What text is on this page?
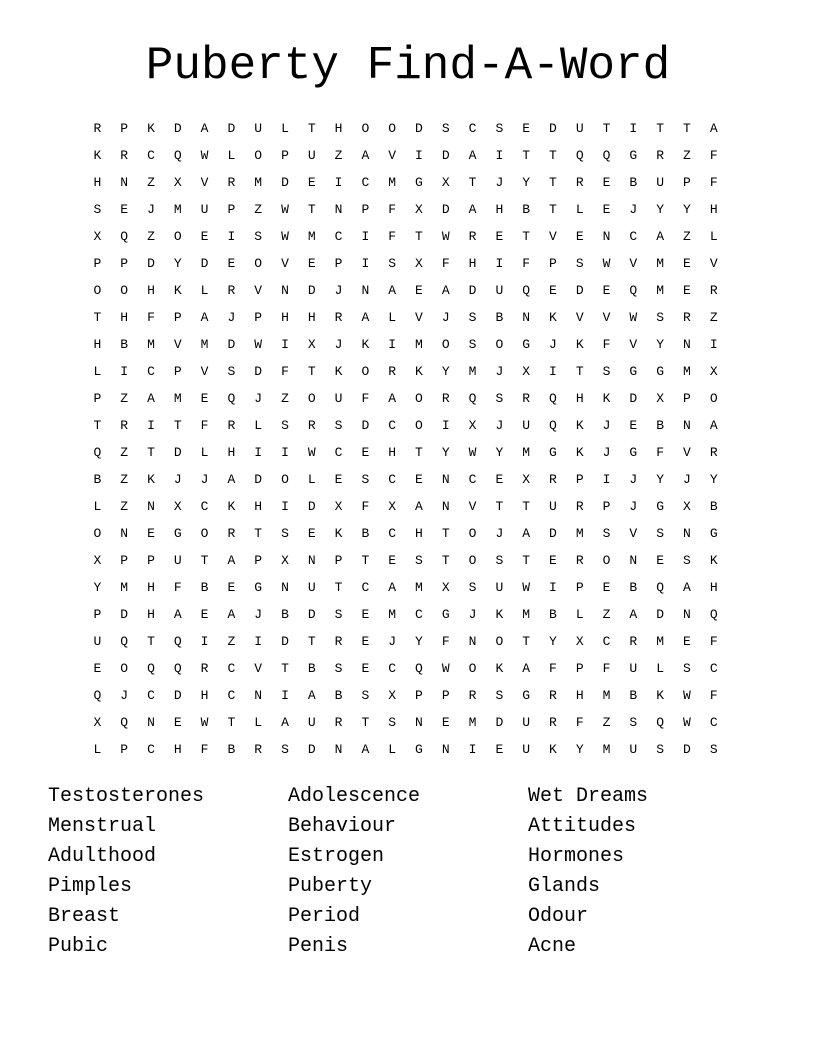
Puberty Find-A-Word
R	P	K	D	A	D	U	L	T	H	O	O	D	S	C	S	E	D	U	T	I	T	T	A
K	R	C	Q	W	L	O	P	U	Z	A	V	I	D	A	I	T	T	Q	Q	G	R	Z	F
H	N	Z	X	V	R	M	D	E	I	C	M	G	X	T	J	Y	T	R	E	B	U	P	F
S	E	J	M	U	P	Z	W	T	N	P	F	X	D	A	H	B	T	L	E	J	Y	Y	H
X	Q	Z	O	E	I	S	W	M	C	I	F	T	W	R	E	T	V	E	N	C	A	Z	L
P	P	D	Y	D	E	O	V	E	P	I	S	X	F	H	I	F	P	S	W	V	M	E	V
O	O	H	K	L	R	V	N	D	J	N	A	E	A	D	U	Q	E	D	E	Q	M	E	R
T	H	F	P	A	J	P	H	H	R	A	L	V	J	S	B	N	K	V	V	W	S	R	Z
H	B	M	V	M	D	W	I	X	J	K	I	M	O	S	O	G	J	K	F	V	Y	N	I
L	I	C	P	V	S	D	F	T	K	O	R	K	Y	M	J	X	I	T	S	G	G	M	X
P	Z	A	M	E	Q	J	Z	O	U	F	A	O	R	Q	S	R	Q	H	K	D	X	P	O
T	R	I	T	F	R	L	S	R	S	D	C	O	I	X	J	U	Q	K	J	E	B	N	A
Q	Z	T	D	L	H	I	I	W	C	E	H	T	Y	W	Y	M	G	K	J	G	F	V	R
B	Z	K	J	J	A	D	O	L	E	S	C	E	N	C	E	X	R	P	I	J	Y	J	Y
L	Z	N	X	C	K	H	I	D	X	F	X	A	N	V	T	T	U	R	P	J	G	X	B
O	N	E	G	O	R	T	S	E	K	B	C	H	T	O	J	A	D	M	S	V	S	N	G
X	P	P	U	T	A	P	X	N	P	T	E	S	T	O	S	T	E	R	O	N	E	S	K
Y	M	H	F	B	E	G	N	U	T	C	A	M	X	S	U	W	I	P	E	B	Q	A	H
P	D	H	A	E	A	J	B	D	S	E	M	C	G	J	K	M	B	L	Z	A	D	N	Q
U	Q	T	Q	I	Z	I	D	T	R	E	J	Y	F	N	O	T	Y	X	C	R	M	E	F
E	O	Q	Q	R	C	V	T	B	S	E	C	Q	W	O	K	A	F	P	F	U	L	S	C
Q	J	C	D	H	C	N	I	A	B	S	X	P	P	R	S	G	R	H	M	B	K	W	F
X	Q	N	E	W	T	L	A	U	R	T	S	N	E	M	D	U	R	F	Z	S	Q	W	C
L	P	C	H	F	B	R	S	D	N	A	L	G	N	I	E	U	K	Y	M	U	S	D	S
Testosterones
Menstrual
Adulthood
Pimples
Breast
Pubic
Adolescence
Behaviour
Estrogen
Puberty
Period
Penis
Wet Dreams
Attitudes
Hormones
Glands
Odour
Acne
